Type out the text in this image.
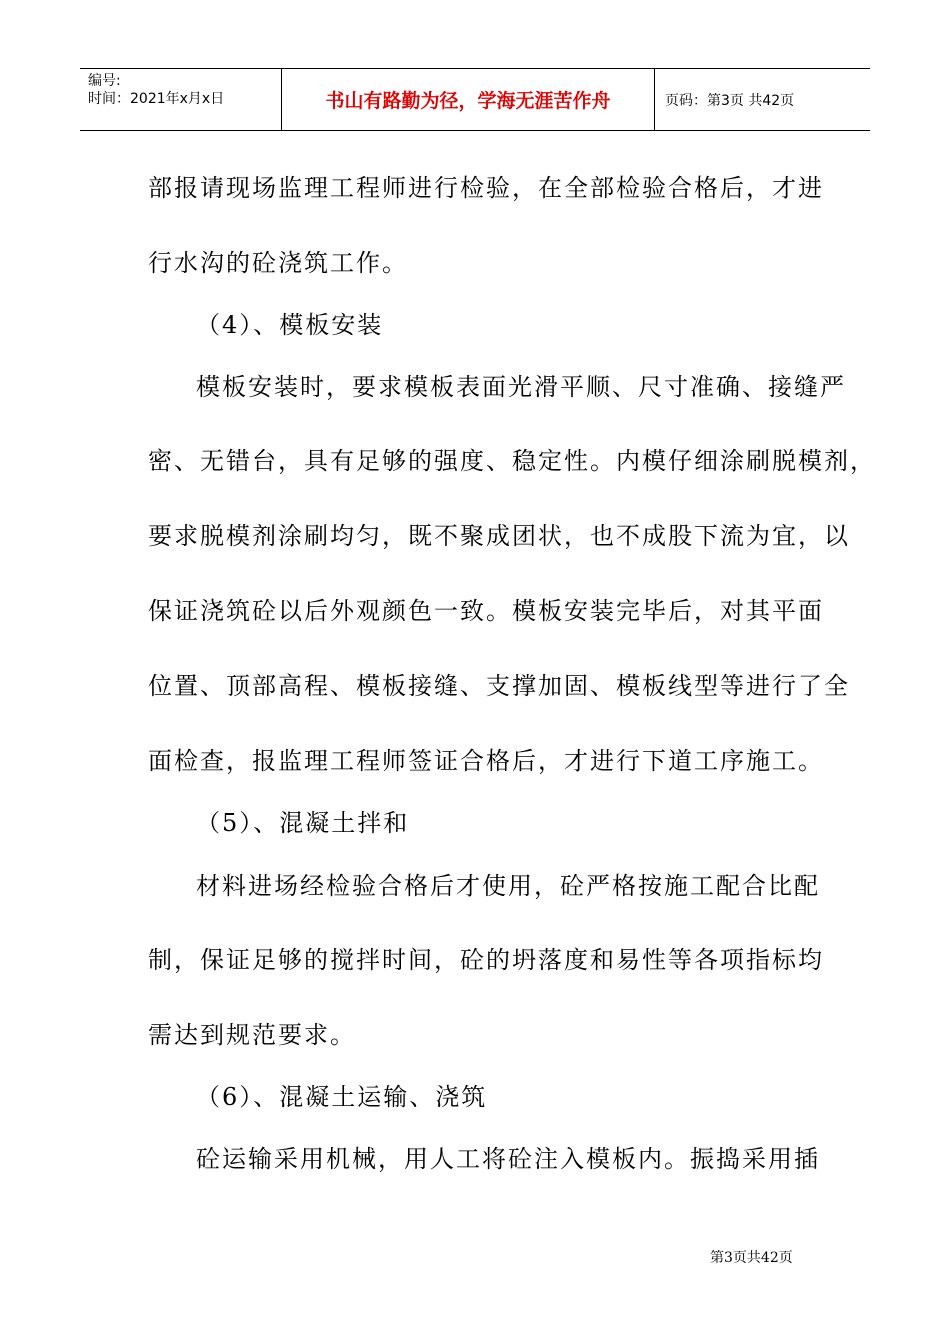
编号:
时间：2021年x月x日	书山有路勤为径，学海无涯苦作舟	页码：第3页 共42页
部报请现场监理工程师进行检验，在全部检验合格后，才进
行水沟的砼浇筑工作。
（4）、模板安装
模板安装时，要求模板表面光滑平顺、尺寸准确、接缝严
密、无错台，具有足够的强度、稳定性。内模仔细涂刷脱模剂，
要求脱模剂涂刷均匀，既不聚成团状，也不成股下流为宜，以
保证浇筑砼以后外观颜色一致。模板安装完毕后，对其平面
位置、顶部高程、模板接缝、支撑加固、模板线型等进行了全
面检查，报监理工程师签证合格后，才进行下道工序施工。
（5）、混凝土拌和
材料进场经检验合格后才使用，砼严格按施工配合比配
制，保证足够的搅拌时间，砼的坍落度和易性等各项指标均
需达到规范要求。
（6）、混凝土运输、浇筑
砼运输采用机械，用人工将砼注入模板内。振捣采用插
第3页共42页
